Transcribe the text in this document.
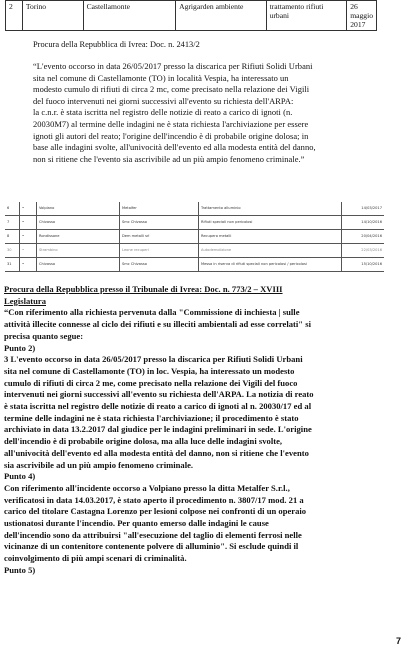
2	Torino	Castellamonte	Agrigarden ambiente	trattamento rifiuti urbani	26 maggio 2017
Procura della Repubblica di Ivrea: Doc. n. 2413/2
“L'evento occorso in data 26/05/2017 presso la discarica per Rifiuti Solidi Urbani
sita nel comune di Castellamonte (TO) in località Vespia, ha interessato un
modesto cumulo di rifiuti di circa 2 mc, come precisato nella relazione dei Vigili
del fuoco intervenuti nei giorni successivi all'evento su richiesta dell'ARPA:
la c.n.r. è stata iscritta nel registro delle notizie di reato a carico di ignoti (n.
20030M7) al termine delle indagini ne è stata richiesta l'archiviazione per essere
ignoti gli autori del reato; l'origine dell'incendio è di probabile origine dolosa; in
base alle indagini svolte, all'univocità dell'evento ed alla modesta entità del danno,
non si ritiene che l'evento sia ascrivibile ad un più ampio fenomeno criminale.”
6	•	Volpiano	Metalfer	Trattamento alluminio	14/03/2017
7	•	Chivasso	Smc Chivasso	Rifiuti speciali non pericolosi	14/10/2016
8	•	Rondissone	Dem metalli srl	Recupero metalli	20/04/2016
30	•	Strambino	Leone recuperi	Autodemolizione	22/03/2016
31	•	Chivasso	Smc Chivasso	Messa in riserva di rifiuti speciali non pericolosi / pericolosi	15/10/2016
Procura della Repubblica presso il Tribunale di Ivrea: Doc. n. 773/2 – XVIII
Legislatura
“Con riferimento alla richiesta pervenuta dalla "Commissione di inchiesta | sulle
attività illecite connesse al ciclo dei rifiuti e su illeciti ambientali ad esse correlati" si
precisa quanto segue:
Punto 2)
3 L'evento occorso in data 26/05/2017 presso la discarica per Rifiuti Solidi Urbani
sita nel comune di Castellamonte (TO) in loc. Vespia, ha interessato un modesto
cumulo di rifiuti di circa 2 me, come precisato nella relazione dei Vigili del fuoco
intervenuti nei giorni successivi all'evento su richiesta dell'ARPA. La notizia di reato
è stata iscritta nel registro delle notizie di reato a carico di ignoti al n. 20030/17 ed al
termine delle indagini ne è stata richiesta l'archiviazione; il procedimento è stato
archiviato in data 13.2.2017 dal giudice per le indagini preliminari in sede. L'origine
dell'incendio è di probabile origine dolosa, ma alla luce delle indagini svolte,
all'univocità dell'evento ed alla modesta entità del danno, non si ritiene che l'evento
sia ascrivibile ad un più ampio fenomeno criminale.
Punto 4)
Con riferimento all'incidente occorso a Volpiano presso la ditta Metalfer S.r.l.,
verificatosi in data 14.03.2017, è stato aperto il procedimento n. 3807/17 mod. 21 a
carico del titolare Castagna Lorenzo per lesioni colpose nei confronti di un operaio
ustionatosi durante l'incendio. Per quanto emerso dalle indagini le cause
dell'incendio sono da attribuirsi "all'esecuzione del taglio di elementi ferrosi nelle
vicinanze di un contenitore contenente polvere di alluminio". Si esclude quindi il
coinvolgimento di più ampi scenari di criminalità.
Punto 5)
7
